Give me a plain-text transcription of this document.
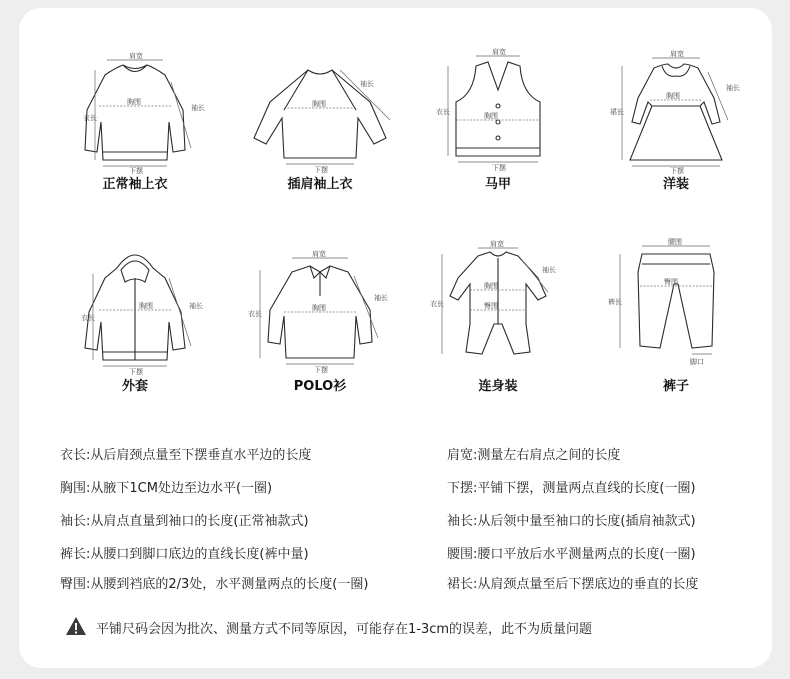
肩宽
衣长
胸围
袖长
下摆
正常袖上衣
袖长
胸围
下摆
插肩袖上衣
肩宽
衣长	胸围
下摆
马甲
肩宽
裙长
胸围
袖长
下摆
洋装
衣长
胸围	袖长
下摆
外套
肩宽
衣长
胸围
袖长
下摆
POLO衫
肩宽
衣长
胸围
袖长
臀围
连身装
腰围
裤长
臀围
脚口
裤子
衣长:从后肩颈点量至下摆垂直水平边的长度
胸围:从腋下1CM处边至边水平(一圈)
袖长:从肩点直量到袖口的长度(正常袖款式)
裤长:从腰口到脚口底边的直线长度(裤中量)
臀围:从腰到裆底的2/3处，水平测量两点的长度(一圈)
肩宽:测量左右肩点之间的长度
下摆:平铺下摆，测量两点直线的长度(一圈)
袖长:从后领中量至袖口的长度(插肩袖款式)
腰围:腰口平放后水平测量两点的长度(一圈)
裙长:从肩颈点量至后下摆底边的垂直的长度
平铺尺码会因为批次、测量方式不同等原因，可能存在1-3cm的误差，此不为质量问题
